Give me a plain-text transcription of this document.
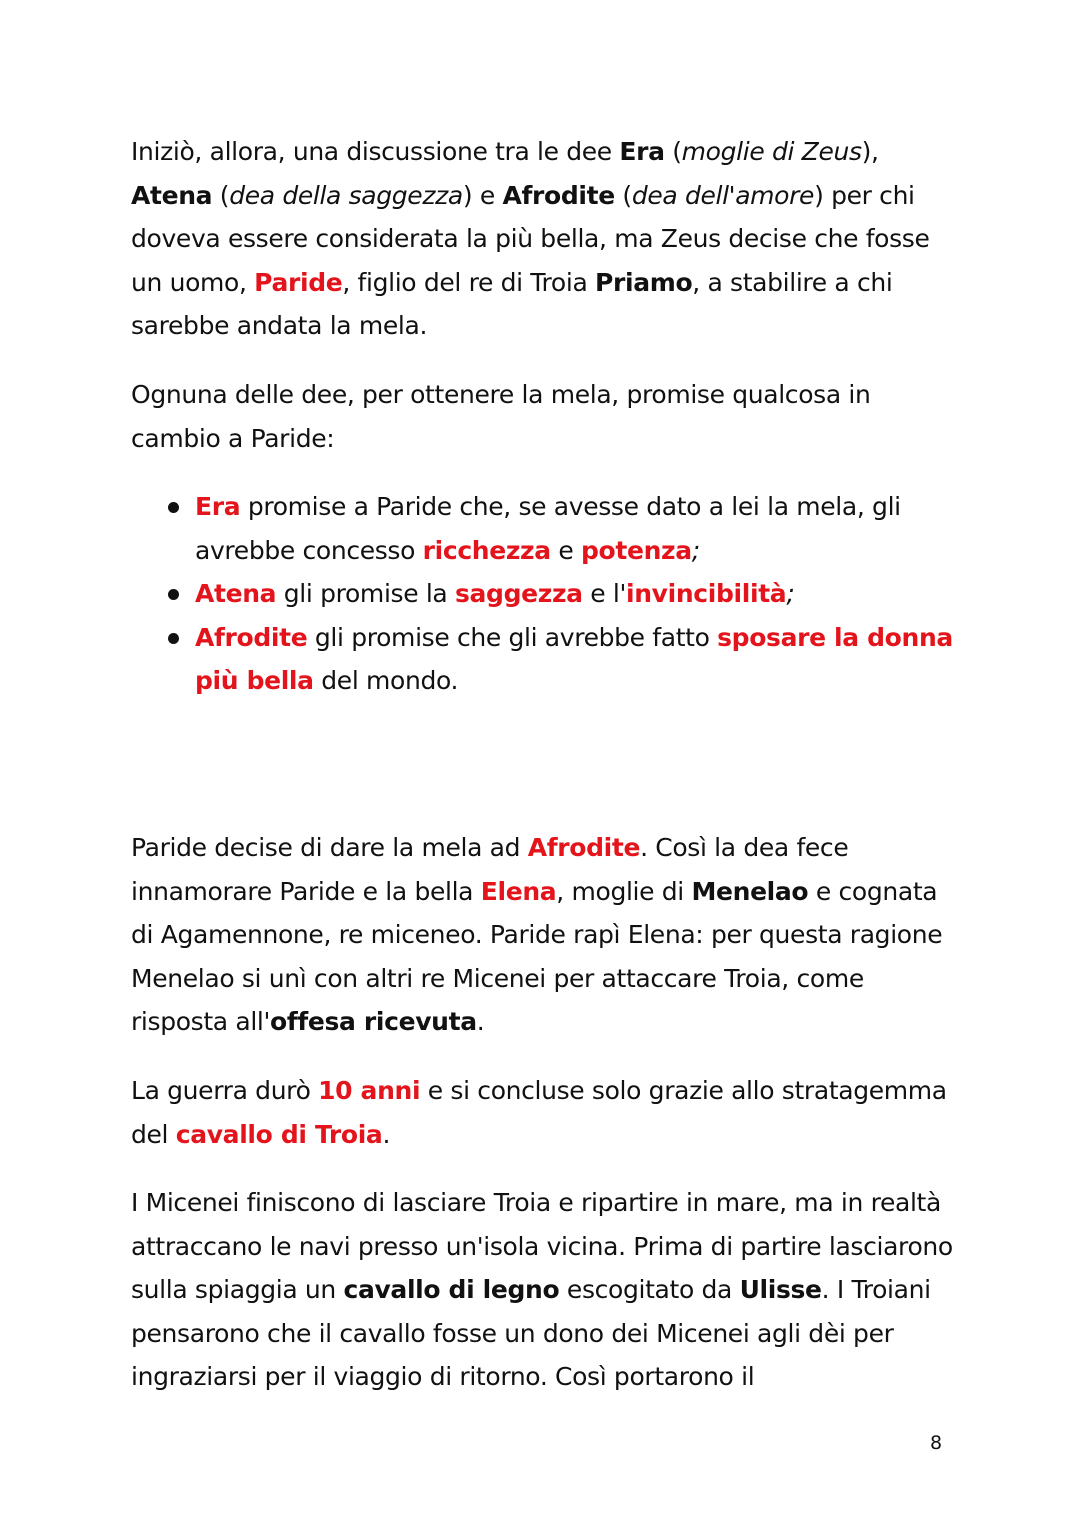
Iniziò, allora, una discussione tra le dee Era (moglie di Zeus),
Atena (dea della saggezza) e Afrodite (dea dell'amore) per chi doveva essere considerata la più bella, ma Zeus decise che fosse un uomo, Paride, figlio del re di Troia Priamo, a stabilire a chi sarebbe andata la mela.

Ognuna delle dee, per ottenere la mela, promise qualcosa in cambio a Paride:

Era promise a Paride che, se avesse dato a lei la mela, gli avrebbe concesso ricchezza e potenza;
Atena gli promise la saggezza e l'invincibilità;
Afrodite gli promise che gli avrebbe fatto sposare la donna più bella del mondo.

Paride decise di dare la mela ad Afrodite. Così la dea fece innamorare Paride e la bella Elena, moglie di Menelao e cognata di Agamennone, re miceneo. Paride rapì Elena: per questa ragione Menelao si unì con altri re Micenei per attaccare Troia, come risposta all'offesa ricevuta.

La guerra durò 10 anni e si concluse solo grazie allo stratagemma del cavallo di Troia.

I Micenei finiscono di lasciare Troia e ripartire in mare, ma in realtà attraccano le navi presso un'isola vicina. Prima di partire lasciarono sulla spiaggia un cavallo di legno escogitato da Ulisse. I Troiani pensarono che il cavallo fosse un dono dei Micenei agli dèi per ingraziarsi per il viaggio di ritorno. Così portarono il

8
